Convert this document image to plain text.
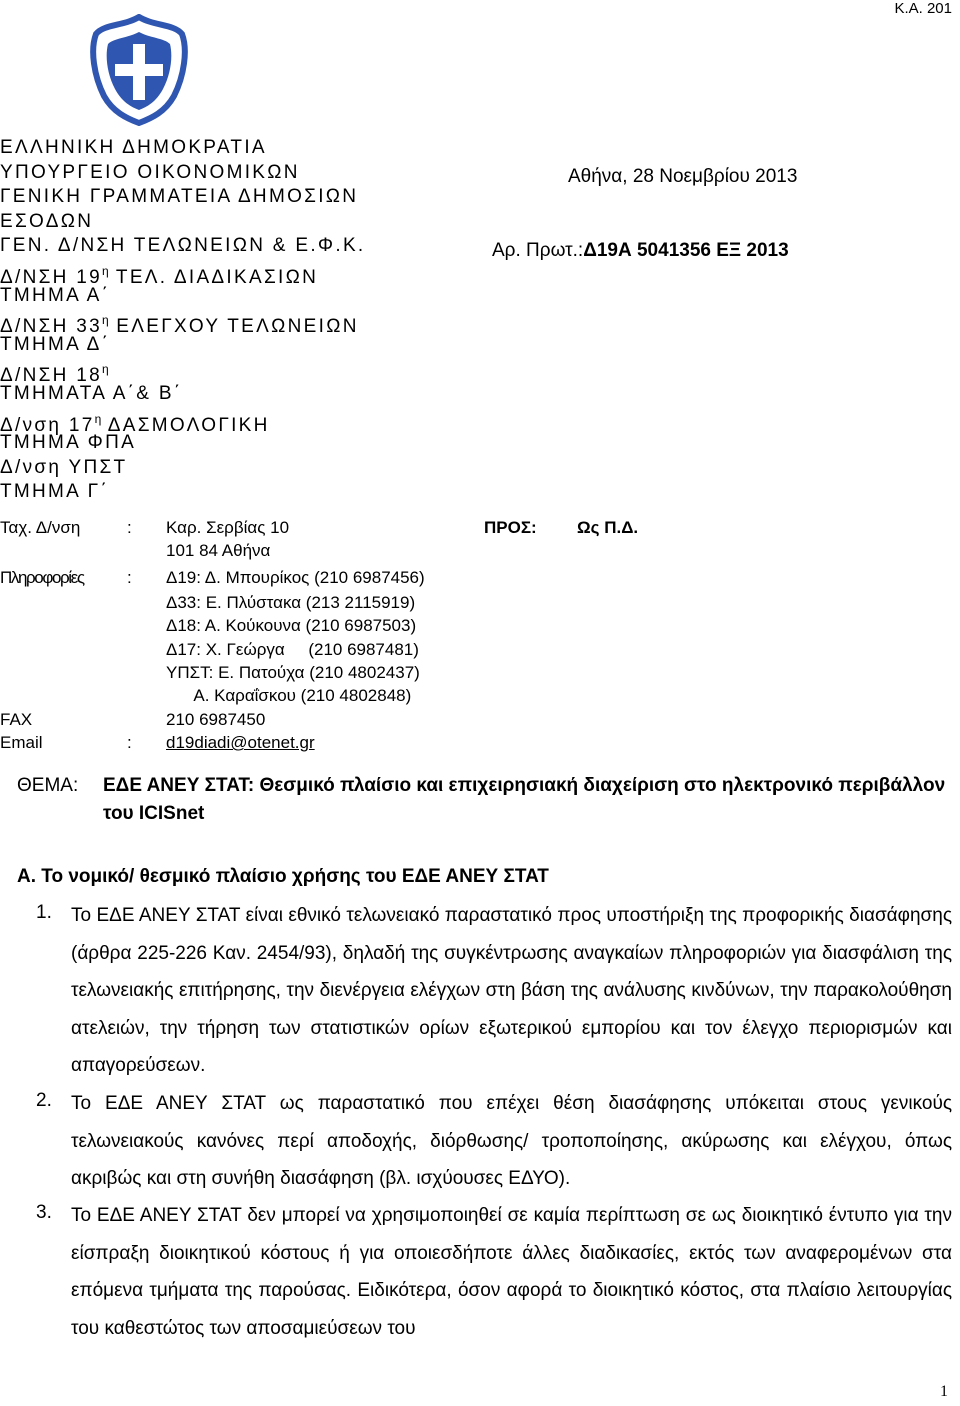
K.A. 201
ΕΛΛΗΝΙΚΗ ΔΗΜΟΚΡΑΤΙΑ
ΥΠΟΥΡΓΕΙΟ ΟΙΚΟΝΟΜΙΚΩΝ
ΓΕΝΙΚΗ ΓΡΑΜΜΑΤΕΙΑ ΔΗΜΟΣΙΩΝ
ΕΣΟΔΩΝ
ΓΕΝ. Δ/ΝΣΗ ΤΕΛΩΝΕΙΩΝ & Ε.Φ.Κ.
Δ/ΝΣΗ $19^\eta$ ΤΕΛ. ΔΙΑΔΙΚΑΣΙΩΝ
ΤΜΗΜΑ Α΄
Δ/ΝΣΗ $33^\eta$ ΕΛΕΓΧΟΥ ΤΕΛΩΝΕΙΩΝ
ΤΜΗΜΑ Δ΄
Δ/ΝΣΗ $18^\eta$
ΤΜΗΜΑΤΑ Α΄& Β΄
Δ/νση $17^\eta$ ΔΑΣΜΟΛΟΓΙΚΗ
ΤΜΗΜΑ ΦΠΑ
Δ/νση ΥΠΣΤ
ΤΜΗΜΑ Γ΄
Αθήνα, 28 Νοεμβρίου 2013
Αρ. Πρωτ.:Δ19Α 5041356 ΕΞ 2013
ΠΡΟΣ: Ως Π.Δ.
Ταχ. Δ/νση	: Καρ. Σερβίας 10
101 84 Αθήνα
Πληροφορίες	: Δ19: Δ. Μπουρίκος (210 6987456)
Δ33: Ε. Πλύστακα (213 2115919)
Δ18: Α. Κούκουνα (210 6987503)
Δ17: Χ. Γεώργα     (210 6987481)
ΥΠΣΤ: Ε. Πατούχα (210 4802437)
Α. Καραΐσκου (210 4802848)
FAX	210 6987450
Email	: d19diadi@otenet.gr
ΘΕΜΑ: ΕΔΕ ΑΝΕΥ ΣΤΑΤ: Θεσμικό πλαίσιο και επιχειρησιακή διαχείριση στο ηλεκτρονικό περιβάλλον του ICISnet
Α. Το νομικό/ θεσμικό πλαίσιο χρήσης του ΕΔΕ ΑΝΕΥ ΣΤΑΤ
1. Το ΕΔΕ ΑΝΕΥ ΣΤΑΤ είναι εθνικό τελωνειακό παραστατικό προς υποστήριξη της προφορικής διασάφησης (άρθρα 225-226 Καν. 2454/93), δηλαδή της συγκέντρωσης αναγκαίων πληροφοριών για διασφάλιση της τελωνειακής επιτήρησης, την διενέργεια ελέγχων στη βάση της ανάλυσης κινδύνων, την παρακολούθηση ατελειών, την τήρηση των στατιστικών ορίων εξωτερικού εμπορίου και τον έλεγχο περιορισμών και απαγορεύσεων.
2. Το ΕΔΕ ΑΝΕΥ ΣΤΑΤ ως παραστατικό που επέχει θέση διασάφησης υπόκειται στους γενικούς τελωνειακούς κανόνες περί αποδοχής, διόρθωσης/ τροποποίησης, ακύρωσης και ελέγχου, όπως ακριβώς και στη συνήθη διασάφηση (βλ. ισχύουσες ΕΔΥΟ).
3. Το ΕΔΕ ΑΝΕΥ ΣΤΑΤ δεν μπορεί να χρησιμοποιηθεί σε καμία περίπτωση σε ως διοικητικό έντυπο για την είσπραξη διοικητικού κόστους ή για οποιεσδήποτε άλλες διαδικασίες, εκτός των αναφερομένων στα επόμενα τμήματα της παρούσας. Ειδικότερα, όσον αφορά το διοικητικό κόστος, στα πλαίσιο λειτουργίας του καθεστώτος των αποσαμιεύσεων του
1
